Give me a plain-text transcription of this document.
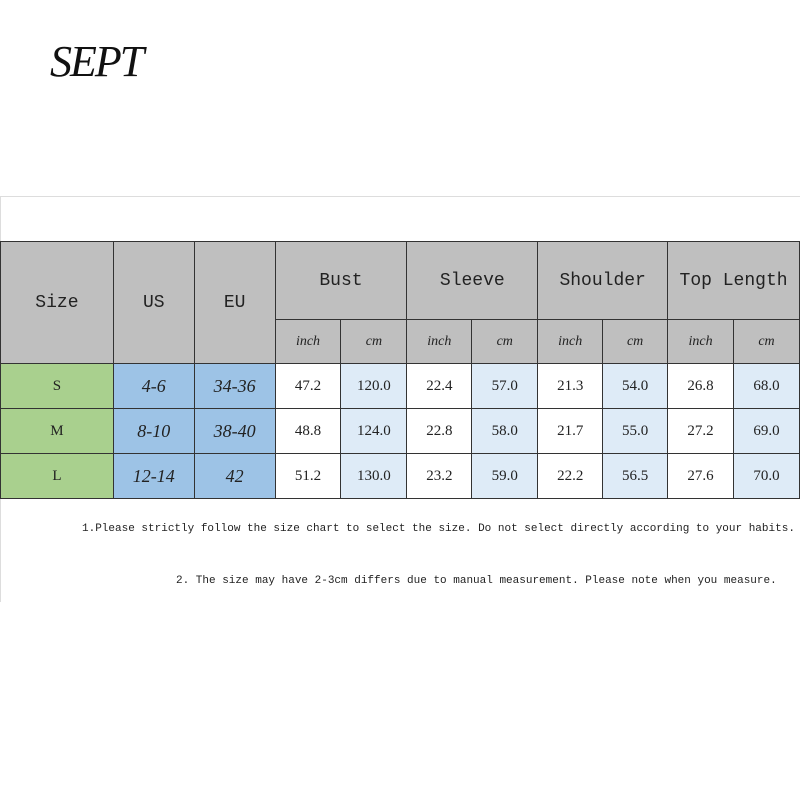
SEPT
Size	US	EU	Bust		Sleeve		Shoulder		Top Length	
			inch	cm	inch	cm	inch	cm	inch	cm
S	4-6	34-36	47.2	120.0	22.4	57.0	21.3	54.0	26.8	68.0
M	8-10	38-40	48.8	124.0	22.8	58.0	21.7	55.0	27.2	69.0
L	12-14	42	51.2	130.0	23.2	59.0	22.2	56.5	27.6	70.0
1.Please strictly follow the size chart to select the size. Do not select directly according to your habits.
2. The size may have 2-3cm differs due to manual measurement. Please note when you measure.
